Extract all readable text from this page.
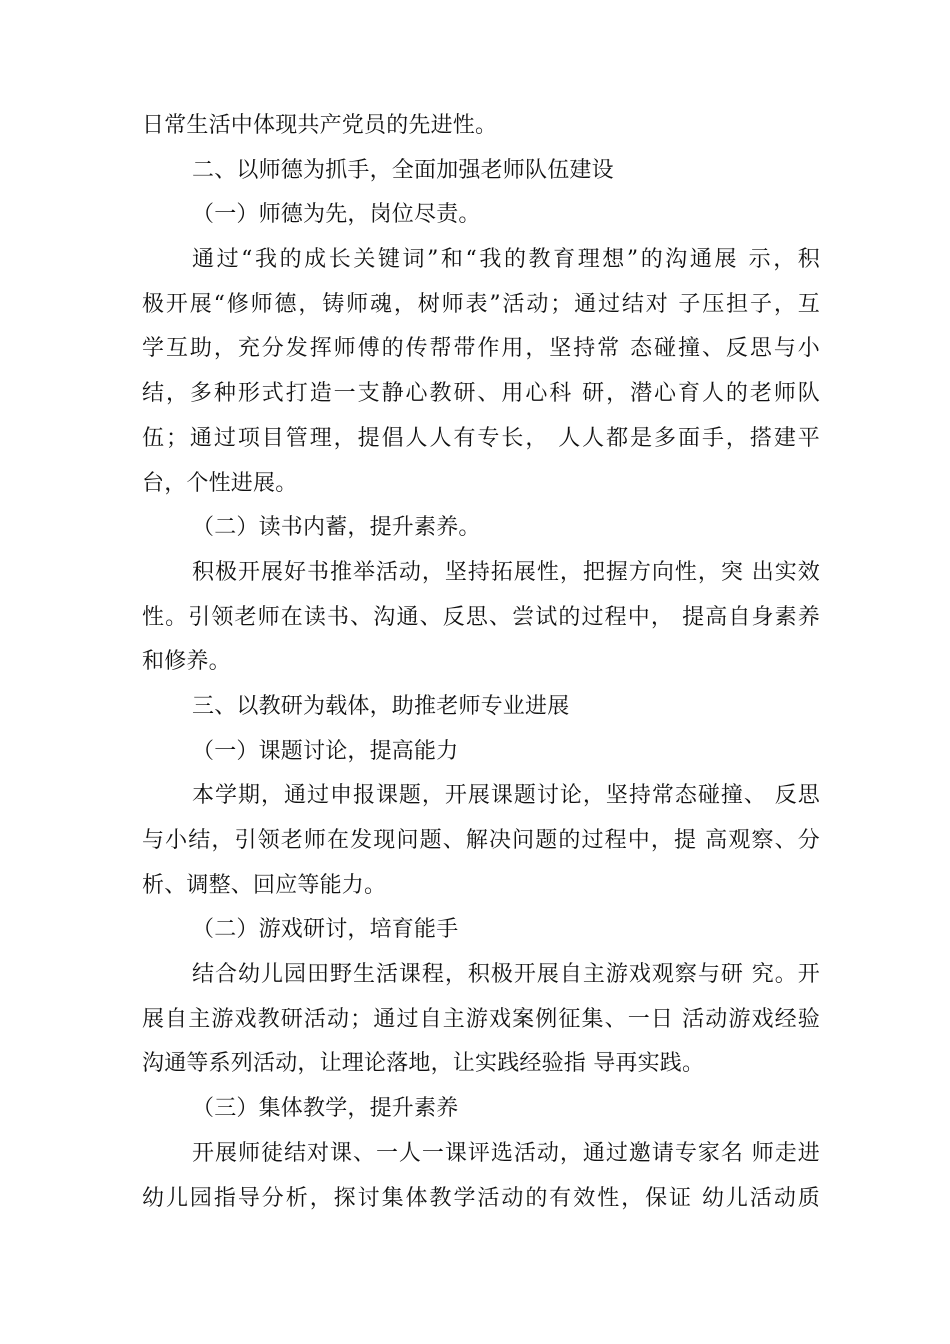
日常生活中体现共产党员的先进性。
二、以师德为抓手，全面加强老师队伍建设
（一）师德为先，岗位尽责。
通过“我的成长关键词”和“我的教育理想”的沟通展 示，积
极开展“修师德，铸师魂，树师表”活动；通过结对 子压担子，互
学互助，充分发挥师傅的传帮带作用，坚持常 态碰撞、反思与小
结，多种形式打造一支静心教研、用心科 研，潜心育人的老师队
伍；通过项目管理，提倡人人有专长， 人人都是多面手，搭建平
台，个性进展。
（二）读书内蓄，提升素养。
积极开展好书推举活动，坚持拓展性，把握方向性，突 出实效
性。引领老师在读书、沟通、反思、尝试的过程中， 提高自身素养
和修养。
三、以教研为载体，助推老师专业进展
（一）课题讨论，提高能力
本学期，通过申报课题，开展课题讨论，坚持常态碰撞、 反思
与小结，引领老师在发现问题、解决问题的过程中，提 高观察、分
析、调整、回应等能力。
（二）游戏研讨，培育能手
结合幼儿园田野生活课程，积极开展自主游戏观察与研 究。开
展自主游戏教研活动；通过自主游戏案例征集、一日 活动游戏经验
沟通等系列活动，让理论落地，让实践经验指 导再实践。
（三）集体教学，提升素养
开展师徒结对课、一人一课评选活动，通过邀请专家名 师走进
幼儿园指导分析，探讨集体教学活动的有效性，保证 幼儿活动质
